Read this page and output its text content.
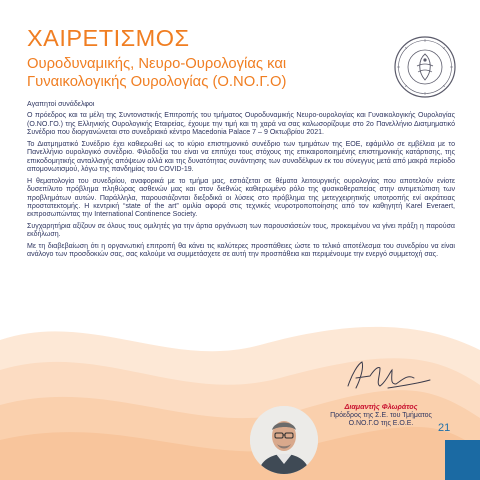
ΧΑΙΡΕΤΙΣΜΟΣ
Ουροδυναμικής, Νευρο-Ουρολογίας και
Γυναικολογικής Ουρολογίας (Ο.ΝΟ.Γ.Ο)

Αγαπητοί συνάδελφοι

Ο πρόεδρος και τα μέλη της Συντονιστικής Επιτροπής του τμήματος Ουροδυναμικής Νευρο-ουρολογίας και Γυναικολογικής Ουρολογίας (Ο.ΝΟ.ΓΟ.) της Ελληνικής Ουρολογικής Εταιρείας, έχουμε την τιμή και τη χαρά να σας καλωσορίζουμε στο 2ο Πανελλήνιο Διατμηματικό Συνέδριο που διοργανώνεται στο συνεδριακό κέντρο Macedonia Palace 7 – 9 Οκτωβρίου 2021.

Το Διατμηματικό Συνέδριο έχει καθιερωθεί ως το κύριο επιστημονικό συνέδριο των τμημάτων της ΕΟΕ, εφάμιλλο σε εμβέλεια με το Πανελλήνιο ουρολογικό συνέδριο. Φιλοδοξία του είναι να επιτύχει τους στόχους της επικαιροποιημένης επιστημονικής κατάρτισης, της επικοδομητικής ανταλλαγής απόψεων αλλά και της δυνατότητας συνάντησης των συναδέλφων εκ του σύνεγγυς μετά από μακρά περίοδο απομονωτισμού, λόγω της πανδημίας του COVID-19.

Η θεματολογία του συνεδρίου, αναφορικά με το τμήμα μας, εστιάζεται σε θέματα λειτουργικής ουρολογίας που αποτελούν ενίοτε δυσεπίλυτο πρόβλημα πληθώρας ασθενών μας και στον διεθνώς καθιερωμένο ρόλο της φυσικοθεραπείας στην αντιμετώπιση των προβλημάτων αυτών. Παράλληλα, παρουσιάζονται διεξοδικά οι λύσεις στο πρόβλημα της μετεγχειρητικής υποτροπής ενί ακράτειας προστατεκτομής. Η κεντρική “state of the art” ομιλία αφορά στις τεχνικές νευροτροποποίησης από τον καθηγητή Karel Everaert, εκπροσωπώντας την International Continence Society.

Συγχαρητήρια αξίζουν σε όλους τους ομιλητές για την άρτια οργάνωση των παρουσιάσεών τους, προκειμένου να γίνει πράξη η παρούσα εκδήλωση.

Με τη διαβεβαίωση ότι η οργανωτική επιτροπή θα κάνει τις καλύτερες προσπάθειες ώστε το τελικό αποτέλεσμα του συνεδρίου να είναι ανάλογο των προσδοκιών σας, σας καλούμε να συμμετάσχετε σε αυτή την προσπάθεια και περιμένουμε την ενεργό συμμετοχή σας.

Διαμαντής Φλωράτος
Πρόεδρος της Σ.Ε. του Τμήματος
Ο.ΝΟ.Γ.Ο της Ε.Ο.Ε.	21
